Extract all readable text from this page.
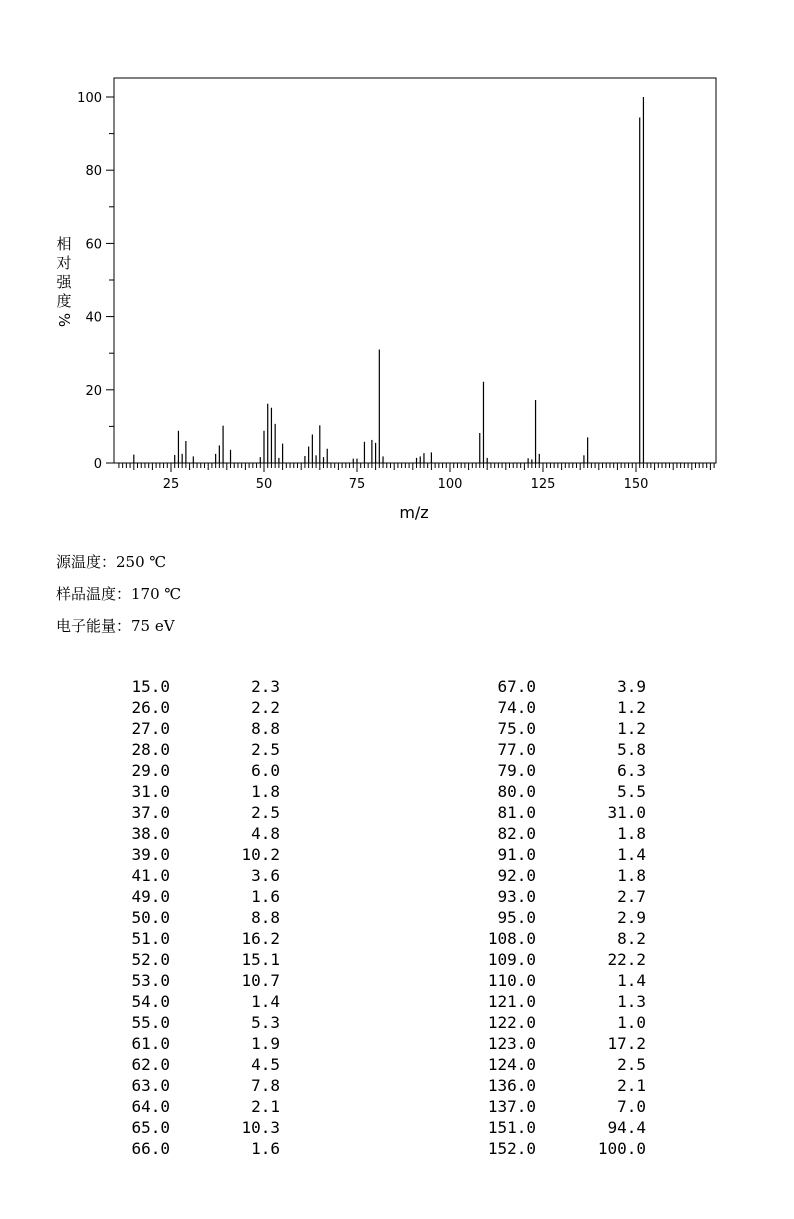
0
20
40
60
80
100
25	50	75	100	125	150
m/z
相
对
强
度
%
源温度：250 ℃
样品温度：170 ℃
电子能量：75 eV
15.0	2.3
26.0	2.2
27.0	8.8
28.0	2.5
29.0	6.0
31.0	1.8
37.0	2.5
38.0	4.8
39.0	10.2
41.0	3.6
49.0	1.6
50.0	8.8
51.0	16.2
52.0	15.1
53.0	10.7
54.0	1.4
55.0	5.3
61.0	1.9
62.0	4.5
63.0	7.8
64.0	2.1
65.0	10.3
66.0	1.6
67.0	3.9
74.0	1.2
75.0	1.2
77.0	5.8
79.0	6.3
80.0	5.5
81.0	31.0
82.0	1.8
91.0	1.4
92.0	1.8
93.0	2.7
95.0	2.9
108.0	8.2
109.0	22.2
110.0	1.4
121.0	1.3
122.0	1.0
123.0	17.2
124.0	2.5
136.0	2.1
137.0	7.0
151.0	94.4
152.0	100.0
